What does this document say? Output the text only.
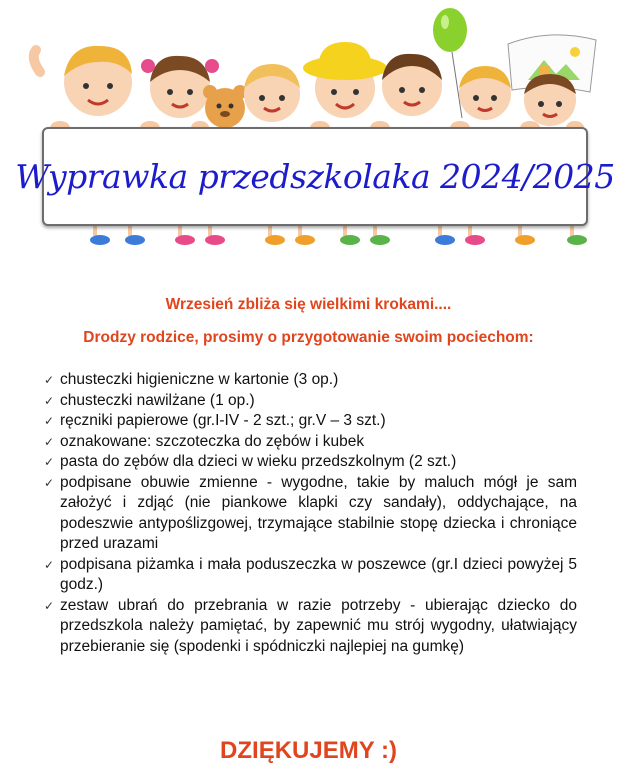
Wyprawka przedszkolaka 2024/2025
Wrzesień zbliża się wielkimi krokami....
Drodzy rodzice, prosimy o przygotowanie swoim pociechom:
✓ chusteczki higieniczne w kartonie (3 op.)
✓ chusteczki nawilżane (1 op.)
✓ ręczniki papierowe (gr.I-IV - 2 szt.; gr.V – 3 szt.)
✓ oznakowane: szczoteczka do zębów i kubek
✓ pasta do zębów dla dzieci w wieku przedszkolnym (2 szt.)
✓ podpisane obuwie zmienne - wygodne, takie by maluch mógł je sam założyć i zdjąć (nie piankowe klapki czy sandały), oddychające, na podeszwie antypoślizgowej, trzymające stabilnie stopę dziecka i chroniące przed urazami
✓ podpisana piżamka i mała poduszeczka w poszewce (gr.I dzieci powyżej 5 godz.)
✓ zestaw ubrań do przebrania w razie potrzeby - ubierając dziecko do przedszkola należy pamiętać, by zapewnić mu strój wygodny, ułatwiający przebieranie się (spodenki i spódniczki najlepiej na gumkę)
DZIĘKUJEMY :)
